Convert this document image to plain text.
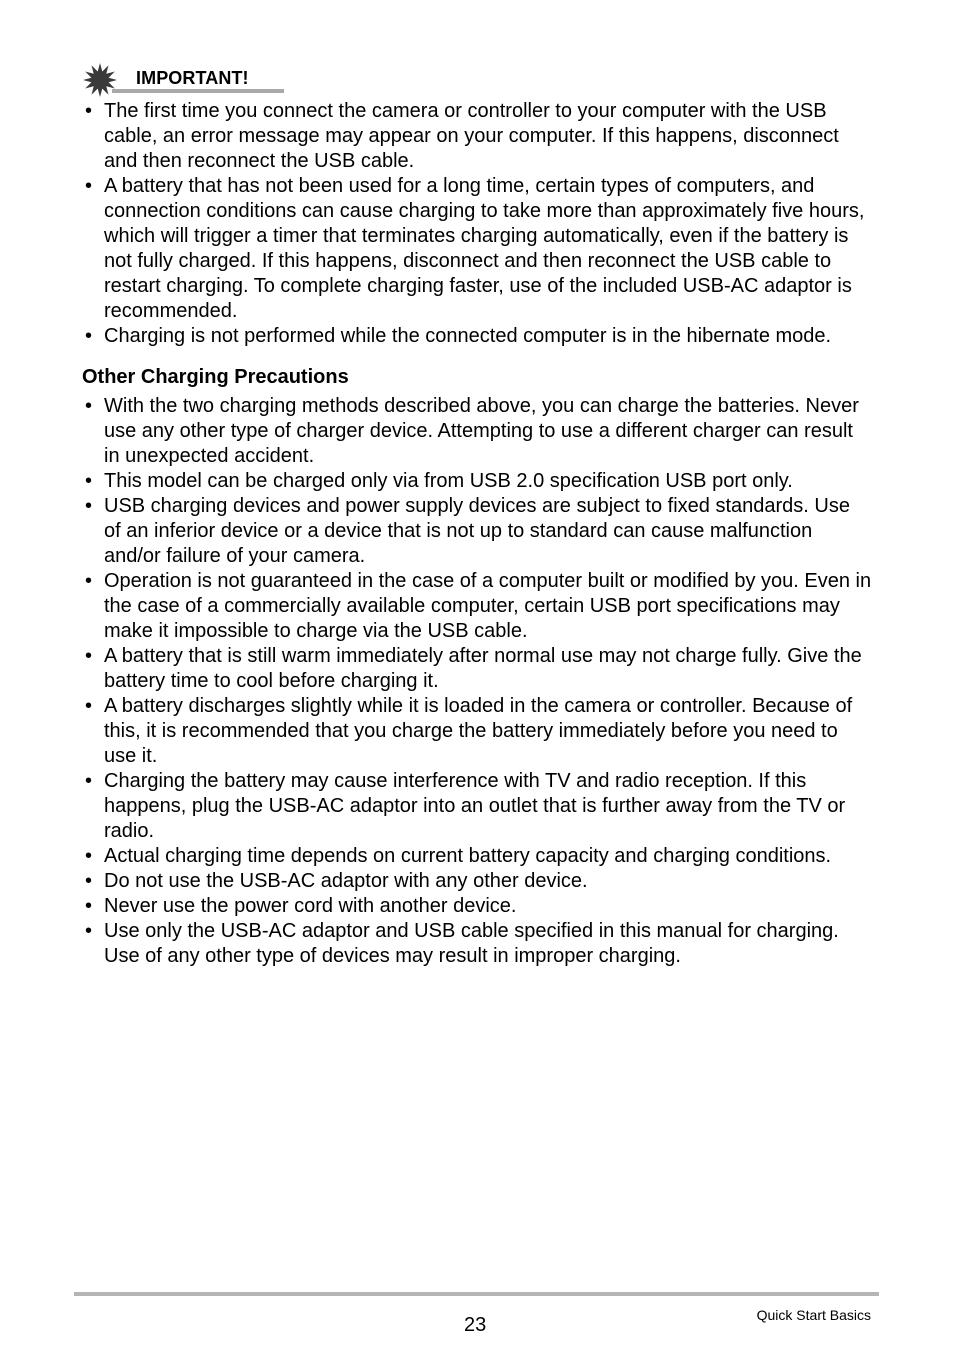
IMPORTANT!
• The first time you connect the camera or controller to your computer with the USB cable, an error message may appear on your computer. If this happens, disconnect and then reconnect the USB cable.
• A battery that has not been used for a long time, certain types of computers, and connection conditions can cause charging to take more than approximately five hours, which will trigger a timer that terminates charging automatically, even if the battery is not fully charged. If this happens, disconnect and then reconnect the USB cable to restart charging. To complete charging faster, use of the included USB-AC adaptor is recommended.
• Charging is not performed while the connected computer is in the hibernate mode.
Other Charging Precautions
• With the two charging methods described above, you can charge the batteries. Never use any other type of charger device. Attempting to use a different charger can result in unexpected accident.
• This model can be charged only via from USB 2.0 specification USB port only.
• USB charging devices and power supply devices are subject to fixed standards. Use of an inferior device or a device that is not up to standard can cause malfunction and/or failure of your camera.
• Operation is not guaranteed in the case of a computer built or modified by you. Even in the case of a commercially available computer, certain USB port specifications may make it impossible to charge via the USB cable.
• A battery that is still warm immediately after normal use may not charge fully. Give the battery time to cool before charging it.
• A battery discharges slightly while it is loaded in the camera or controller. Because of this, it is recommended that you charge the battery immediately before you need to use it.
• Charging the battery may cause interference with TV and radio reception. If this happens, plug the USB-AC adaptor into an outlet that is further away from the TV or radio.
• Actual charging time depends on current battery capacity and charging conditions.
• Do not use the USB-AC adaptor with any other device.
• Never use the power cord with another device.
• Use only the USB-AC adaptor and USB cable specified in this manual for charging. Use of any other type of devices may result in improper charging.
23	Quick Start Basics
